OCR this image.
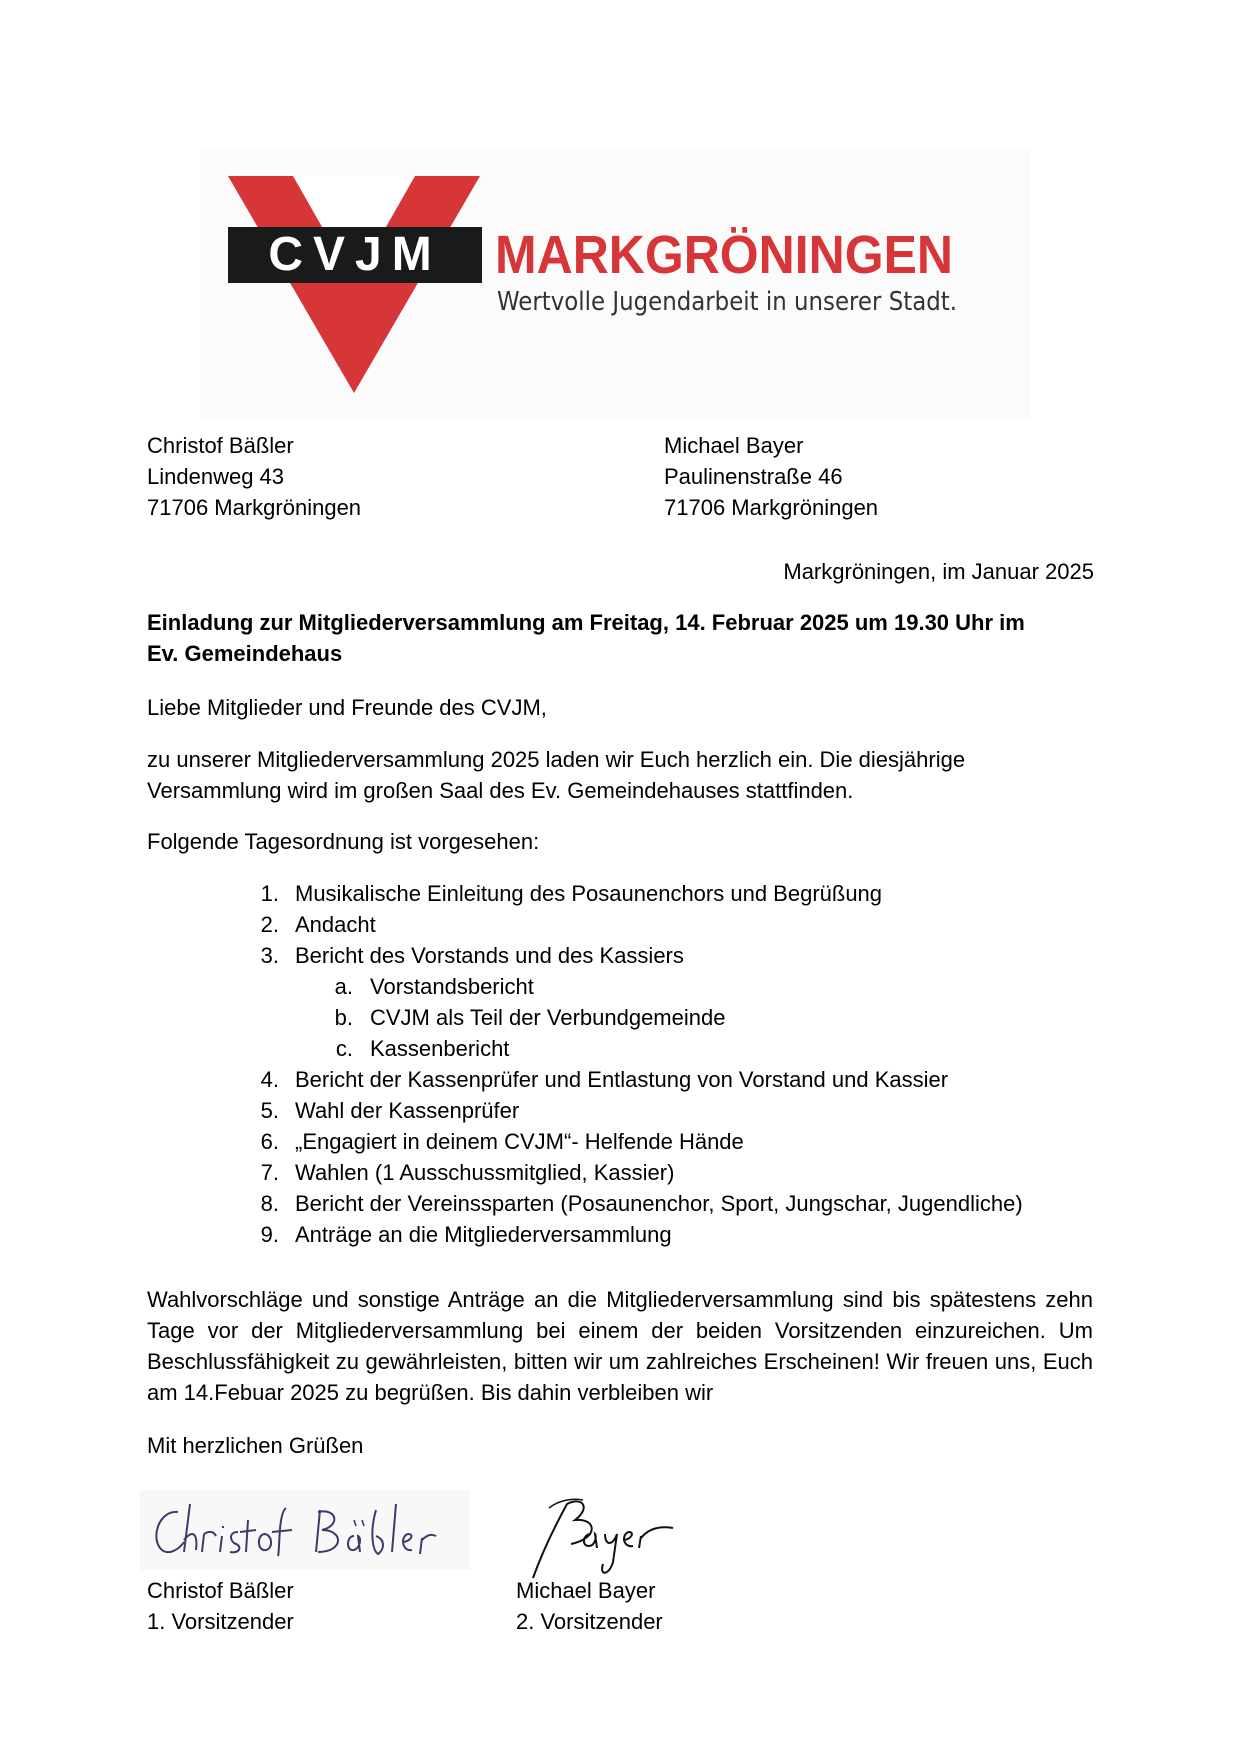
CVJM MARKGRÖNINGEN
Wertvolle Jugendarbeit in unserer Stadt.
Christof Bäßler
Lindenweg 43
71706 Markgröningen
Michael Bayer
Paulinenstraße 46
71706 Markgröningen
Markgröningen, im Januar 2025
Einladung zur Mitgliederversammlung am Freitag, 14. Februar 2025 um 19.30 Uhr im
Ev. Gemeindehaus
Liebe Mitglieder und Freunde des CVJM,
zu unserer Mitgliederversammlung 2025 laden wir Euch herzlich ein. Die diesjährige
Versammlung wird im großen Saal des Ev. Gemeindehauses stattfinden.
Folgende Tagesordnung ist vorgesehen:
1. Musikalische Einleitung des Posaunenchors und Begrüßung
2. Andacht
3. Bericht des Vorstands und des Kassiers
a. Vorstandsbericht
b. CVJM als Teil der Verbundgemeinde
c. Kassenbericht
4. Bericht der Kassenprüfer und Entlastung von Vorstand und Kassier
5. Wahl der Kassenprüfer
6. „Engagiert in deinem CVJM“- Helfende Hände
7. Wahlen (1 Ausschussmitglied, Kassier)
8. Bericht der Vereinssparten (Posaunenchor, Sport, Jungschar, Jugendliche)
9. Anträge an die Mitgliederversammlung

Wahlvorschläge und sonstige Anträge an die Mitgliederversammlung sind bis spätestens zehn Tage vor der Mitgliederversammlung bei einem der beiden Vorsitzenden einzureichen. Um Beschlussfähigkeit zu gewährleisten, bitten wir um zahlreiches Erscheinen! Wir freuen uns, Euch am 14.Febuar 2025 zu begrüßen. Bis dahin verbleiben wir

Mit herzlichen Grüßen
Christof Bäßler
1. Vorsitzender
Michael Bayer
2. Vorsitzender
